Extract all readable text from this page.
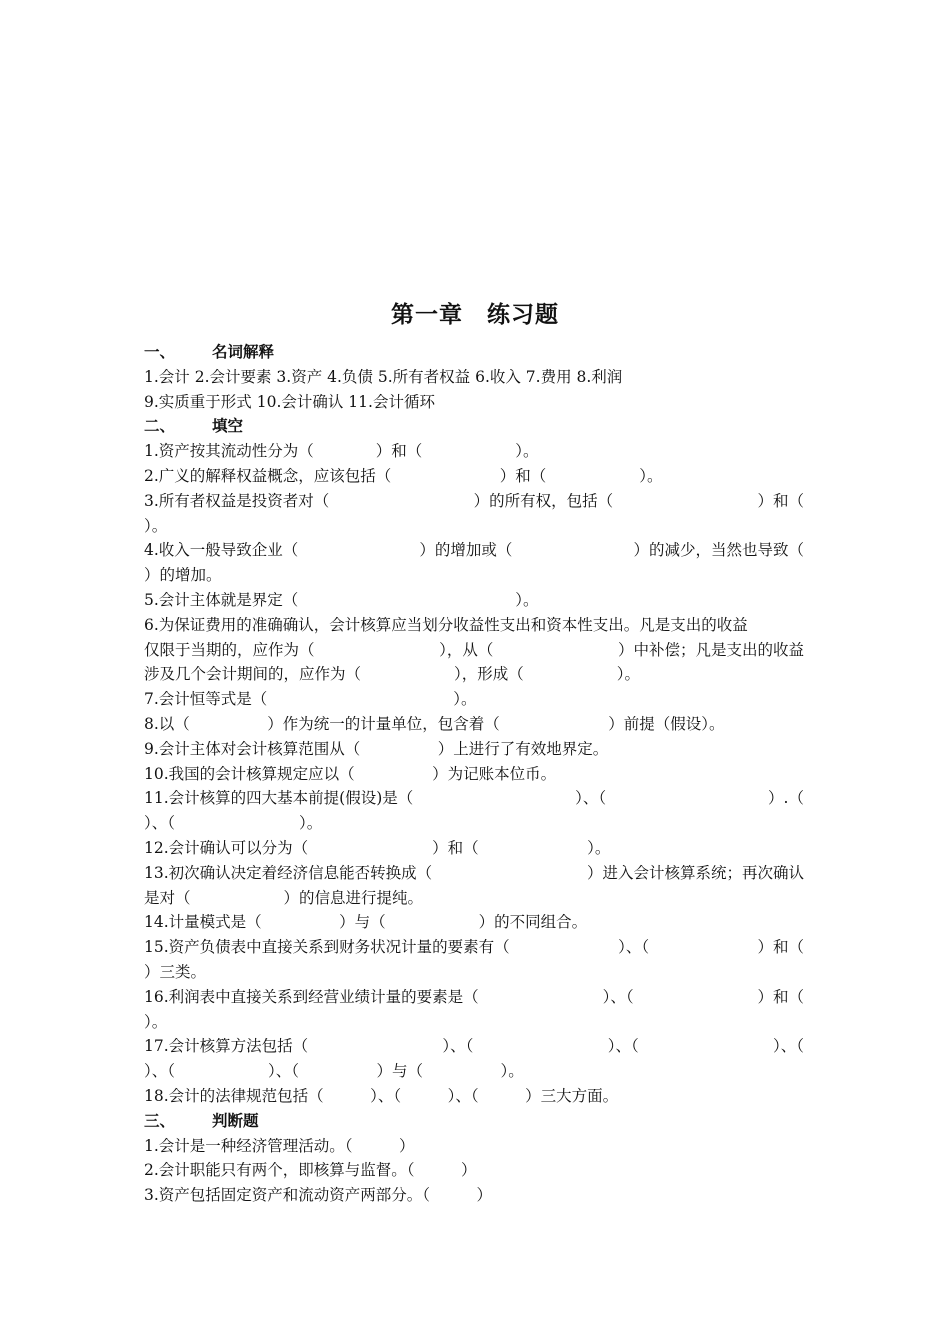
第一章　练习题
一、 名词解释
1.会计 2.会计要素 3.资产 4.负债 5.所有者权益 6.收入 7.费用 8.利润
9.实质重于形式 10.会计确认 11.会计循环
二、 填空
1.资产按其流动性分为（　　　　）和（　　　　　　）。
2.广义的解释权益概念，应该包括（　　　　　　　）和（　　　　　　）。
3.所有者权益是投资者对（	）的所有权，包括（	）和（
）。
4.收入一般导致企业（	）的增加或（	）的减少，当然也导致（
）的增加。
5.会计主体就是界定（　　　　　　　　　　　　　　）。
6.为保证费用的准确确认，会计核算应当划分收益性支出和资本性支出。凡是支出的收益
仅限于当期的，应作为（	），从（	）中补偿；凡是支出的收益
涉及几个会计期间的，应作为（　　　　　　），形成（　　　　　　）。
7.会计恒等式是（　　　　　　　　　　　　）。
8.以（　　　　　）作为统一的计量单位，包含着（　　　　　　　）前提（假设）。
9.会计主体对会计核算范围从（　　　　　）上进行了有效地界定。
10.我国的会计核算规定应以（　　　　　）为记账本位币。
11.会计核算的四大基本前提(假设)是（	）、（	）.（
）、（　　　　　　　　）。
12.会计确认可以分为（　　　　　　　　）和（　　　　　　　）。
13.初次确认决定着经济信息能否转换成（	）进入会计核算系统；再次确认
是对（　　　　　　）的信息进行提纯。
14.计量模式是（　　　　　）与（　　　　　　）的不同组合。
15.资产负债表中直接关系到财务状况计量的要素有（	）、（	）和（
）三类。
16.利润表中直接关系到经营业绩计量的要素是（	）、（	）和（
）。
17.会计核算方法包括（	）、（	）、（	）、（
）、（　　　　　　）、（　　　　　）与（　　　　　）。
18.会计的法律规范包括（　　　）、（　　　）、（　　　）三大方面。
三、 判断题
1.会计是一种经济管理活动。（　　　）
2.会计职能只有两个，即核算与监督。（　　　）
3.资产包括固定资产和流动资产两部分。（　　　）
